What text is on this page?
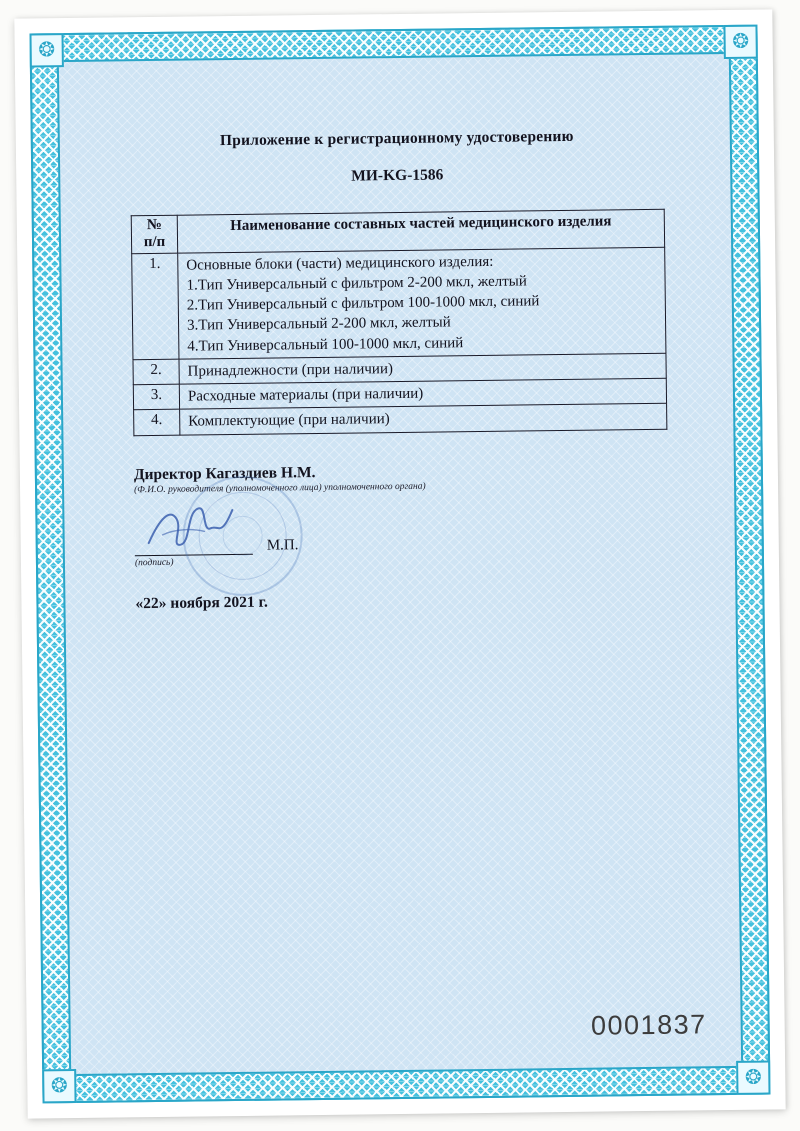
❂	❂
❂	❂
Приложение к регистрационному удостоверению
МИ-KG-1586
№
п/п	Наименование составных частей медицинского изделия
1.	Основные блоки (части) медицинского изделия:
1.Тип Универсальный с фильтром 2-200 мкл, желтый
2.Тип Универсальный с фильтром 100-1000 мкл, синий
3.Тип Универсальный 2-200 мкл, желтый
4.Тип Универсальный 100-1000 мкл, синий

2.	Принадлежности (при наличии)
3.	Расходные материалы (при наличии)
4.	Комплектующие (при наличии)
Директор Кагаздиев Н.М.
(Ф.И.О. руководителя (уполномоченного лица) уполномоченного органа)
М.П.
(подпись)
«22» ноября 2021 г.
0001837
